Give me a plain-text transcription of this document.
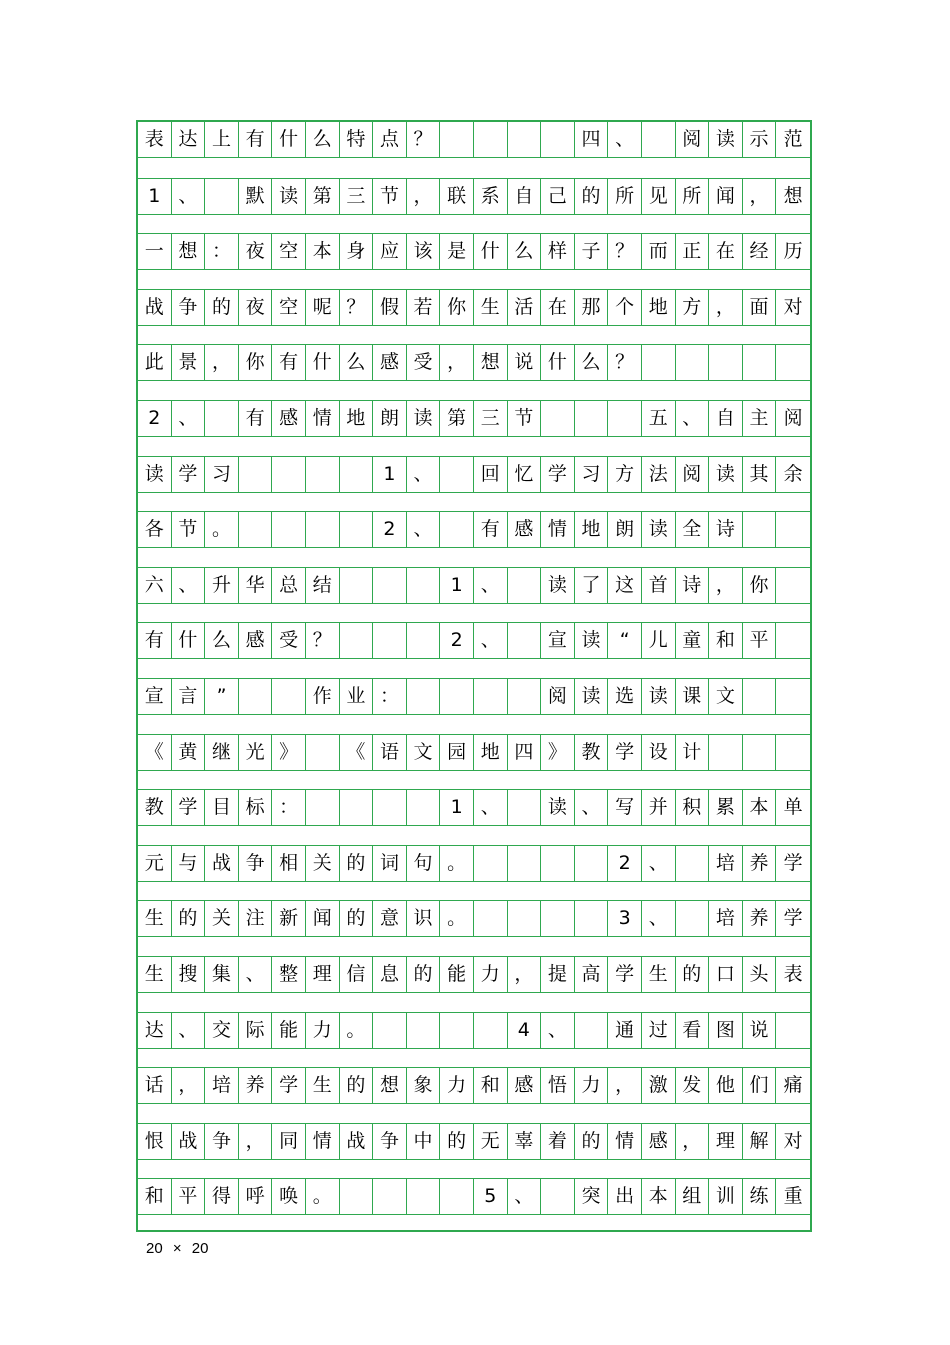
表 达 上 有 什 么 特 点 ？	四 、	阅 读 示 范
1 、	默 读 第 三 节 ， 联 系 自 己 的 所 见 所 闻 ， 想
一 想 ： 夜 空 本 身 应 该 是 什 么 样 子 ？ 而 正 在 经 历
战 争 的 夜 空 呢 ？ 假 若 你 生 活 在 那 个 地 方 ， 面 对
此 景 ， 你 有 什 么 感 受 ， 想 说 什 么 ？
2 、	有 感 情 地 朗 读 第 三 节	五 、 自 主 阅
读 学 习	1 、	回 忆 学 习 方 法 阅 读 其 余
各 节 。	2 、	有 感 情 地 朗 读 全 诗
六 、 升 华 总 结	1 、	读 了 这 首 诗 ， 你
有 什 么 感 受 ？	2 、	宣 读	“	儿 童 和 平
宣 言	”	作 业 ：	阅 读 选 读 课 文
《 黄 继 光 》	《 语 文 园 地 四 》 教 学 设 计
教 学 目 标 ：	1 、	读 、 写 并 积 累 本 单
元 与 战 争 相 关 的 词 句 。	2 、	培 养 学
生 的 关 注 新 闻 的 意 识 。	3 、	培 养 学
生 搜 集 、 整 理 信 息 的 能 力 ， 提 高 学 生 的 口 头 表
达 、 交 际 能 力 。	4 、	通 过 看 图 说
话 ， 培 养 学 生 的 想 象 力 和 感 悟 力 ， 激 发 他 们 痛
恨 战 争 ， 同 情 战 争 中 的 无 辜 着 的 情 感 ， 理 解 对
和 平 得 呼 唤 。	5 、	突 出 本 组 训 练 重
20 × 20
